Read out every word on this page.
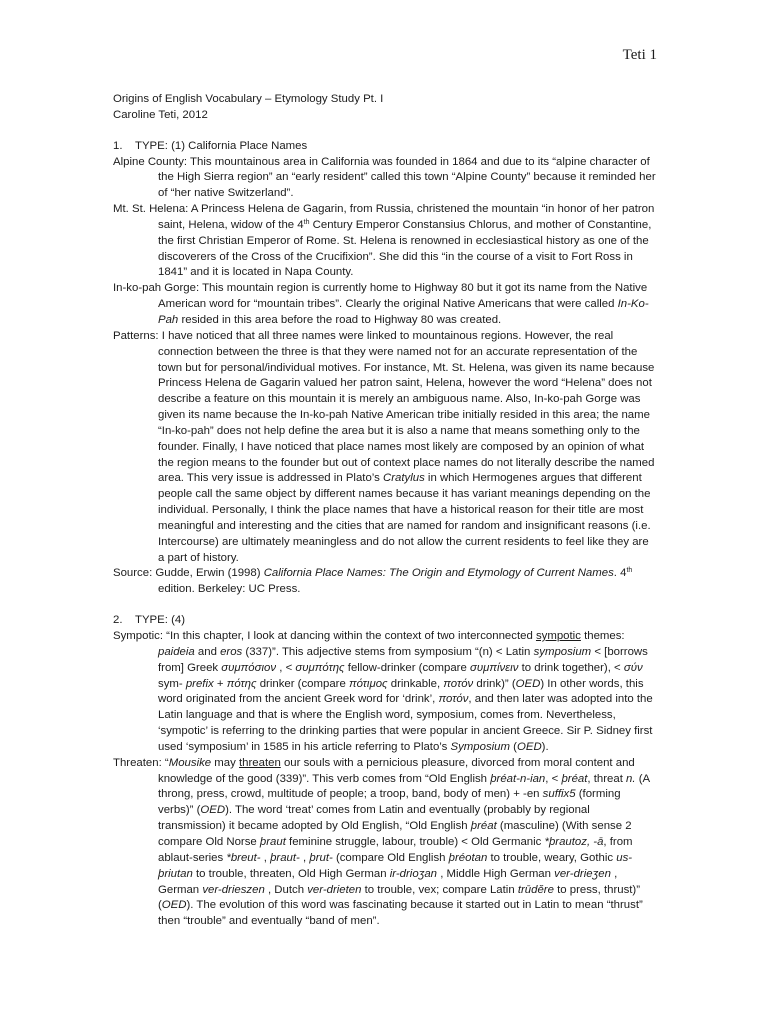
Teti 1
Origins of English Vocabulary – Etymology Study Pt. I
Caroline Teti, 2012
1. TYPE: (1) California Place Names

Alpine County: This mountainous area in California was founded in 1864 and due to its “alpine character of the High Sierra region” an “early resident” called this town “Alpine County” because it reminded her of “her native Switzerland”.

Mt. St. Helena: A Princess Helena de Gagarin, from Russia, christened the mountain “in honor of her patron saint, Helena, widow of the 4th Century Emperor Constansius Chlorus, and mother of Constantine, the first Christian Emperor of Rome. St. Helena is renowned in ecclesiastical history as one of the discoverers of the Cross of the Crucifixion”. She did this “in the course of a visit to Fort Ross in 1841” and it is located in Napa County.

In-ko-pah Gorge: This mountain region is currently home to Highway 80 but it got its name from the Native American word for “mountain tribes”. Clearly the original Native Americans that were called In-Ko-Pah resided in this area before the road to Highway 80 was created.

Patterns: I have noticed that all three names were linked to mountainous regions. However, the real connection between the three is that they were named not for an accurate representation of the town but for personal/individual motives. For instance, Mt. St. Helena, was given its name because Princess Helena de Gagarin valued her patron saint, Helena, however the word “Helena” does not describe a feature on this mountain it is merely an ambiguous name. Also, In-ko-pah Gorge was given its name because the In-ko-pah Native American tribe initially resided in this area; the name “In-ko-pah” does not help define the area but it is also a name that means something only to the founder. Finally, I have noticed that place names most likely are composed by an opinion of what the region means to the founder but out of context place names do not literally describe the named area. This very issue is addressed in Plato’s Cratylus in which Hermogenes argues that different people call the same object by different names because it has variant meanings depending on the individual. Personally, I think the place names that have a historical reason for their title are most meaningful and interesting and the cities that are named for random and insignificant reasons (i.e. Intercourse) are ultimately meaningless and do not allow the current residents to feel like they are a part of history.

Source: Gudde, Erwin (1998) California Place Names: The Origin and Etymology of Current Names. 4th edition. Berkeley: UC Press.

2. TYPE: (4)

Sympotic: “In this chapter, I look at dancing within the context of two interconnected sympotic themes: paideia and eros (337)”. This adjective stems from symposium “(n) < Latin symposium < [borrows from] Greek συμπόσιον , < συμπότης fellow-drinker (compare συμπίνειν to drink together), < σύν sym- prefix + πότης drinker (compare πότιμος drinkable, ποτόν drink)” (OED) In other words, this word originated from the ancient Greek word for ‘drink’, ποτόν, and then later was adopted into the Latin language and that is where the English word, symposium, comes from. Nevertheless, ‘sympotic’ is referring to the drinking parties that were popular in ancient Greece. Sir P. Sidney first used ‘symposium’ in 1585 in his article referring to Plato’s Symposium (OED).

Threaten: “Mousike may threaten our souls with a pernicious pleasure, divorced from moral content and knowledge of the good (339)”. This verb comes from “Old English þréat-n-ian, < þréat, threat n. (A throng, press, crowd, multitude of people; a troop, band, body of men) + -en suffix5 (forming verbs)” (OED). The word ‘treat’ comes from Latin and eventually (probably by regional transmission) it became adopted by Old English, “Old English þréat (masculine) (With sense 2 compare Old Norse þraut feminine struggle, labour, trouble) < Old Germanic *þrautoz, -ā, from ablaut-series *breut- , þraut- , þrut- (compare Old English þréotan to trouble, weary, Gothic us-þriutan to trouble, threaten, Old High German ir-drioʒan , Middle High German ver-drieʒen , German ver-drieszen , Dutch ver-drieten to trouble, vex; compare Latin trūdĕre to press, thrust)” (OED). The evolution of this word was fascinating because it started out in Latin to mean “thrust” then “trouble” and eventually “band of men”.
